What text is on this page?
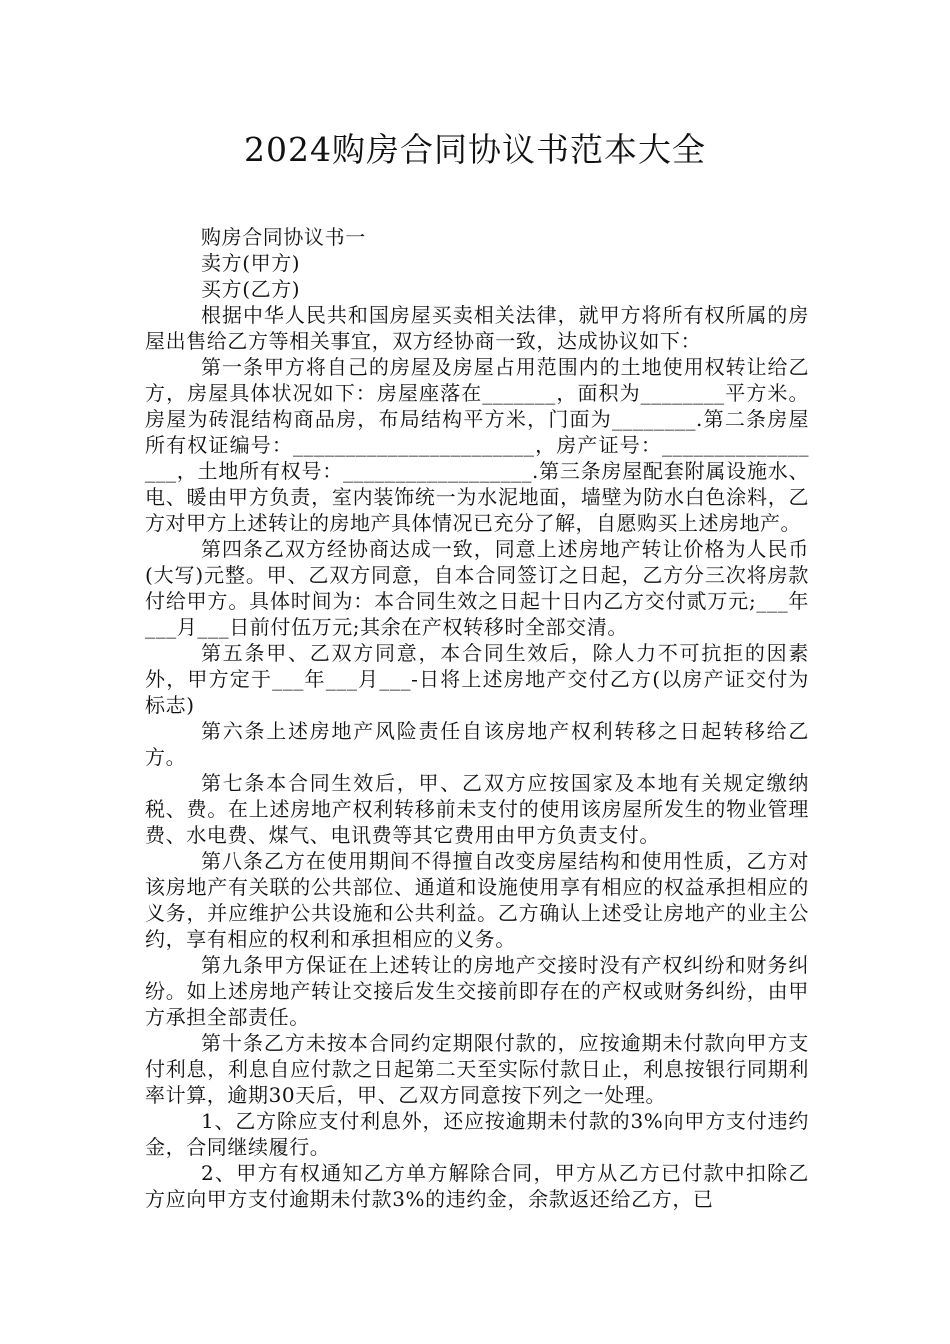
2024购房合同协议书范本大全

购房合同协议书一

卖方(甲方)

买方(乙方)

根据中华人民共和国房屋买卖相关法律，就甲方将所有权所属的房屋出售给乙方等相关事宜，双方经协商一致，达成协议如下：

第一条甲方将自己的房屋及房屋占用范围内的土地使用权转让给乙方，房屋具体状况如下：房屋座落在_______，面积为________平方米。房屋为砖混结构商品房，布局结构平方米，门面为________.第二条房屋所有权证编号：_______________________，房产证号：_________________，土地所有权号：__________________.第三条房屋配套附属设施水、电、暖由甲方负责，室内装饰统一为水泥地面，墙壁为防水白色涂料，乙方对甲方上述转让的房地产具体情况已充分了解，自愿购买上述房地产。

第四条乙双方经协商达成一致，同意上述房地产转让价格为人民币(大写)元整。甲、乙双方同意，自本合同签订之日起，乙方分三次将房款付给甲方。具体时间为：本合同生效之日起十日内乙方交付贰万元;___年___月___日前付伍万元;其余在产权转移时全部交清。

第五条甲、乙双方同意，本合同生效后，除人力不可抗拒的因素外，甲方定于___年___月___-日将上述房地产交付乙方(以房产证交付为标志)

第六条上述房地产风险责任自该房地产权利转移之日起转移给乙方。

第七条本合同生效后，甲、乙双方应按国家及本地有关规定缴纳税、费。在上述房地产权利转移前未支付的使用该房屋所发生的物业管理费、水电费、煤气、电讯费等其它费用由甲方负责支付。

第八条乙方在使用期间不得擅自改变房屋结构和使用性质，乙方对该房地产有关联的公共部位、通道和设施使用享有相应的权益承担相应的义务，并应维护公共设施和公共利益。乙方确认上述受让房地产的业主公约，享有相应的权利和承担相应的义务。

第九条甲方保证在上述转让的房地产交接时没有产权纠纷和财务纠纷。如上述房地产转让交接后发生交接前即存在的产权或财务纠纷，由甲方承担全部责任。

第十条乙方未按本合同约定期限付款的，应按逾期未付款向甲方支付利息，利息自应付款之日起第二天至实际付款日止，利息按银行同期利率计算，逾期30天后，甲、乙双方同意按下列之一处理。

1、乙方除应支付利息外，还应按逾期未付款的3%向甲方支付违约金，合同继续履行。

2、甲方有权通知乙方单方解除合同，甲方从乙方已付款中扣除乙方应向甲方支付逾期未付款3%的违约金，余款返还给乙方，已
